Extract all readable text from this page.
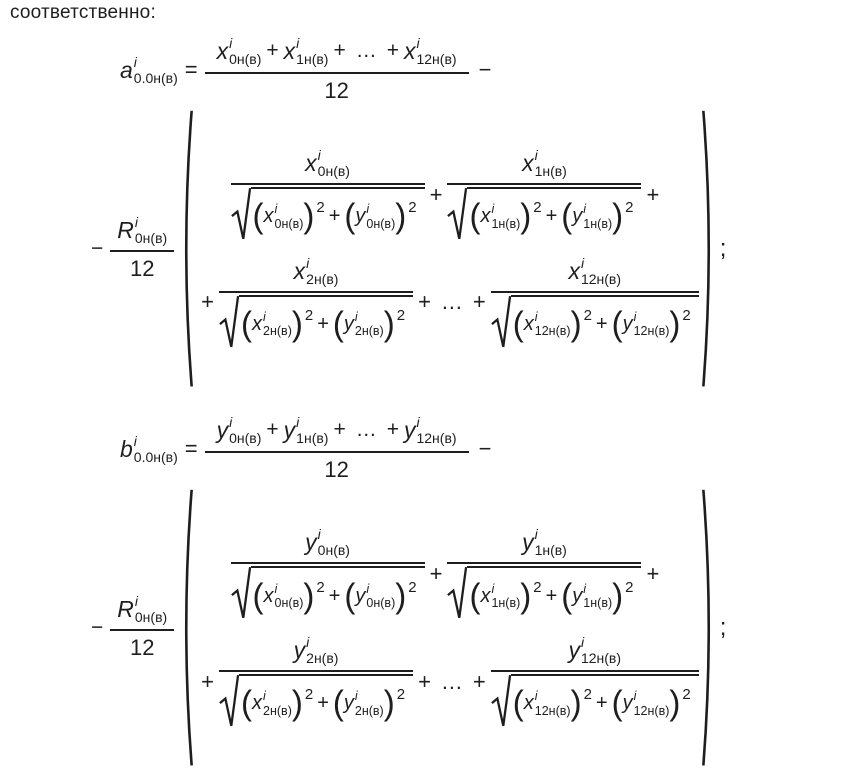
соответственно:
a i
0.0н(в) = x i
0н(в) + x i
1н(в) + … + x i
12н(в)
12 −
− R i
0н(в)
12
x i
0н(в)
( x i
0н(в) ) 2 + ( y i
0н(в) ) 2 + x i
1н(в)
( x i
1н(в) ) 2 + ( y i
1н(в) ) 2 +
+ x i
2н(в)
( x i
2н(в) ) 2 + ( y i
2н(в) ) 2 + … + x i
12н(в)
( x i
12н(в) ) 2 + ( y i
12н(в) ) 2
;
b i
0.0н(в) = y i
0н(в) + y i
1н(в) + … + y i
12н(в)
12 −
− R i
0н(в)
12
y i
0н(в)
( x i
0н(в) ) 2 + ( y i
0н(в) ) 2 + y i
1н(в)
( x i
1н(в) ) 2 + ( y i
1н(в) ) 2 +
+ y i
2н(в)
( x i
2н(в) ) 2 + ( y i
2н(в) ) 2 + … + y i
12н(в)
( x i
12н(в) ) 2 + ( y i
12н(в) ) 2
;
